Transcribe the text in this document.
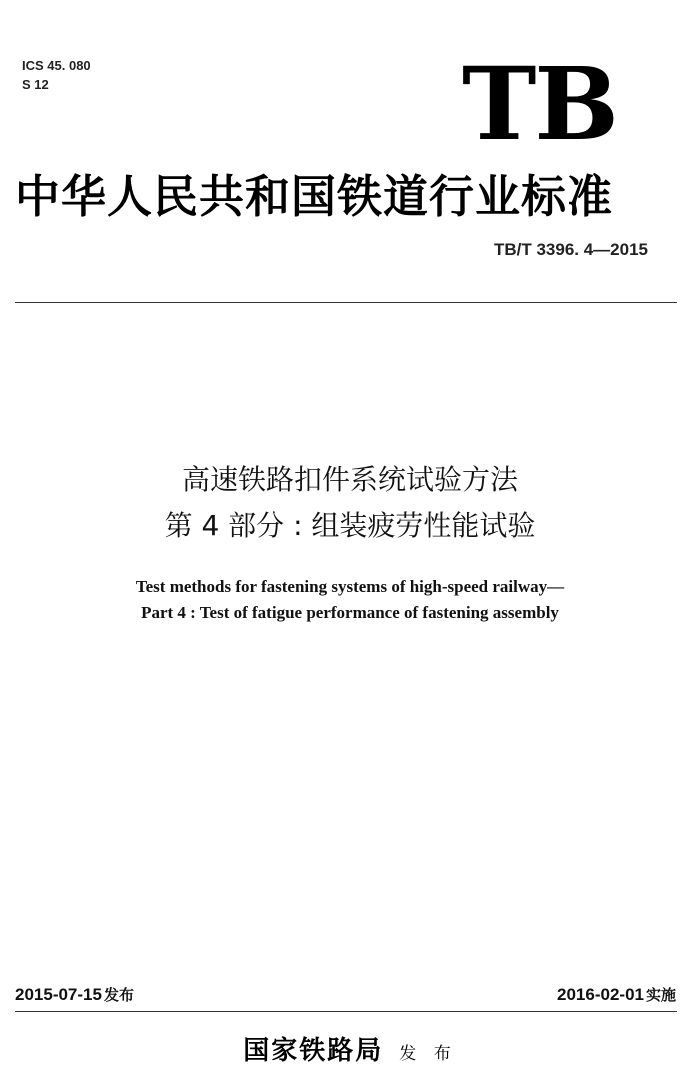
ICS 45. 080
S 12	TB
中华人民共和国铁道行业标准
TB/T 3396. 4—2015
高速铁路扣件系统试验方法
第 4 部分 : 组装疲劳性能试验
Test methods for fastening systems of high-speed railway—
Part 4 : Test of fatigue performance of fastening assembly
2015-07-15 发布	2016-02-01 实施
国家铁路局 发 布
